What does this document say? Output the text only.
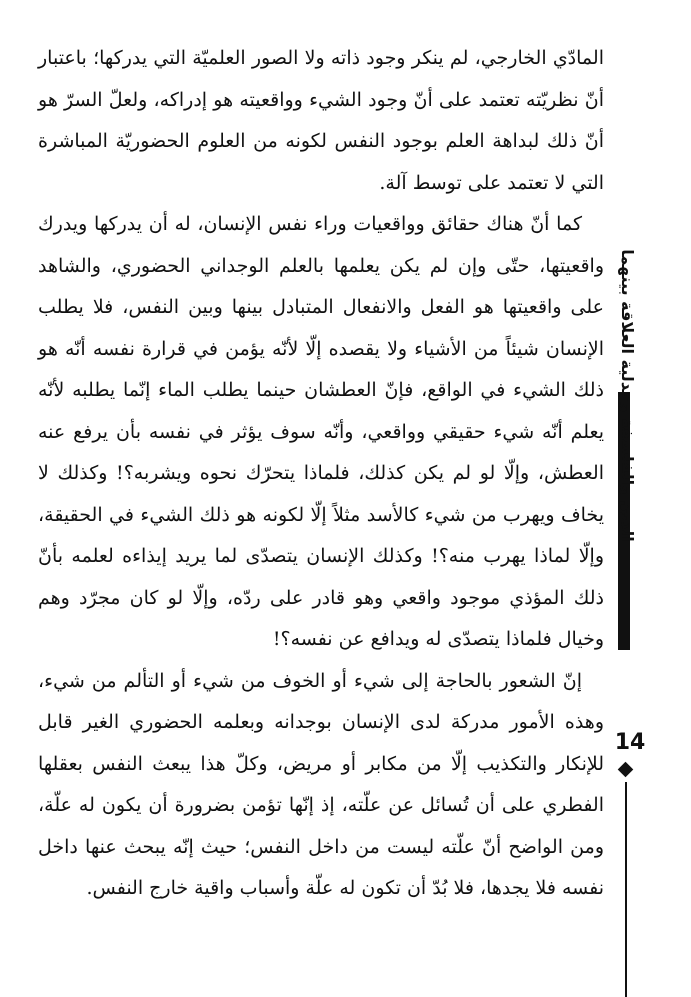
المادّي الخارجي، لم ينكر وجود ذاته ولا الصور العلميّة التي يدركها؛ باعتبار أنّ نظريّته تعتمد على أنّ وجود الشيء وواقعيته هو إدراكه، ولعلّ السرّ هو أنّ ذلك لبداهة العلم بوجود النفس لكونه من العلوم الحضوريّة المباشرة التي لا تعتمد على توسط آلة.

كما أنّ هناك حقائق وواقعيات وراء نفس الإنسان، له أن يدركها ويدرك واقعيتها، حتّى وإن لم يكن يعلمها بالعلم الوجداني الحضوري، والشاهد على واقعيتها هو الفعل والانفعال المتبادل بينها وبين النفس، فلا يطلب الإنسان شيئاً من الأشياء ولا يقصده إلّا لأنّه يؤمن في قرارة نفسه أنّه هو ذلك الشيء في الواقع، فإنّ العطشان حينما يطلب الماء إنّما يطلبه لأنّه يعلم أنّه شيء حقيقي وواقعي، وأنّه سوف يؤثر في نفسه بأن يرفع عنه العطش، وإلّا لو لم يكن كذلك، فلماذا يتحرّك نحوه ويشربه؟! وكذلك لا يخاف ويهرب من شيء كالأسد مثلاً إلّا لكونه هو ذلك الشيء في الحقيقة، وإلّا لماذا يهرب منه؟! وكذلك الإنسان يتصدّى لما يريد إيذاءه لعلمه بأنّ ذلك المؤذي موجود واقعي وهو قادر على ردّه، وإلّا لو كان مجرّد وهم وخيال فلماذا يتصدّى له ويدافع عن نفسه؟!

إنّ الشعور بالحاجة إلى شيء أو الخوف من شيء أو التألم من شيء، وهذه الأمور مدركة لدى الإنسان بوجدانه وبعلمه الحضوري الغير قابل للإنكار والتكذيب إلّا من مكابر أو مريض، وكلّ هذا يبعث النفس بعقلها الفطري على أن تُسائل عن علّته، إذ إنّها تؤمن بضرورة أن يكون له علّة، ومن الواضح أنّ علّته ليست من داخل النفس؛ حيث إنّه يبحث عنها داخل نفسه فلا يجدها، فلا بُدّ أن تكون له علّة وأسباب واقية خارج النفس.

الدين والفلسفة وجدلية العلاقة بينهما
14
